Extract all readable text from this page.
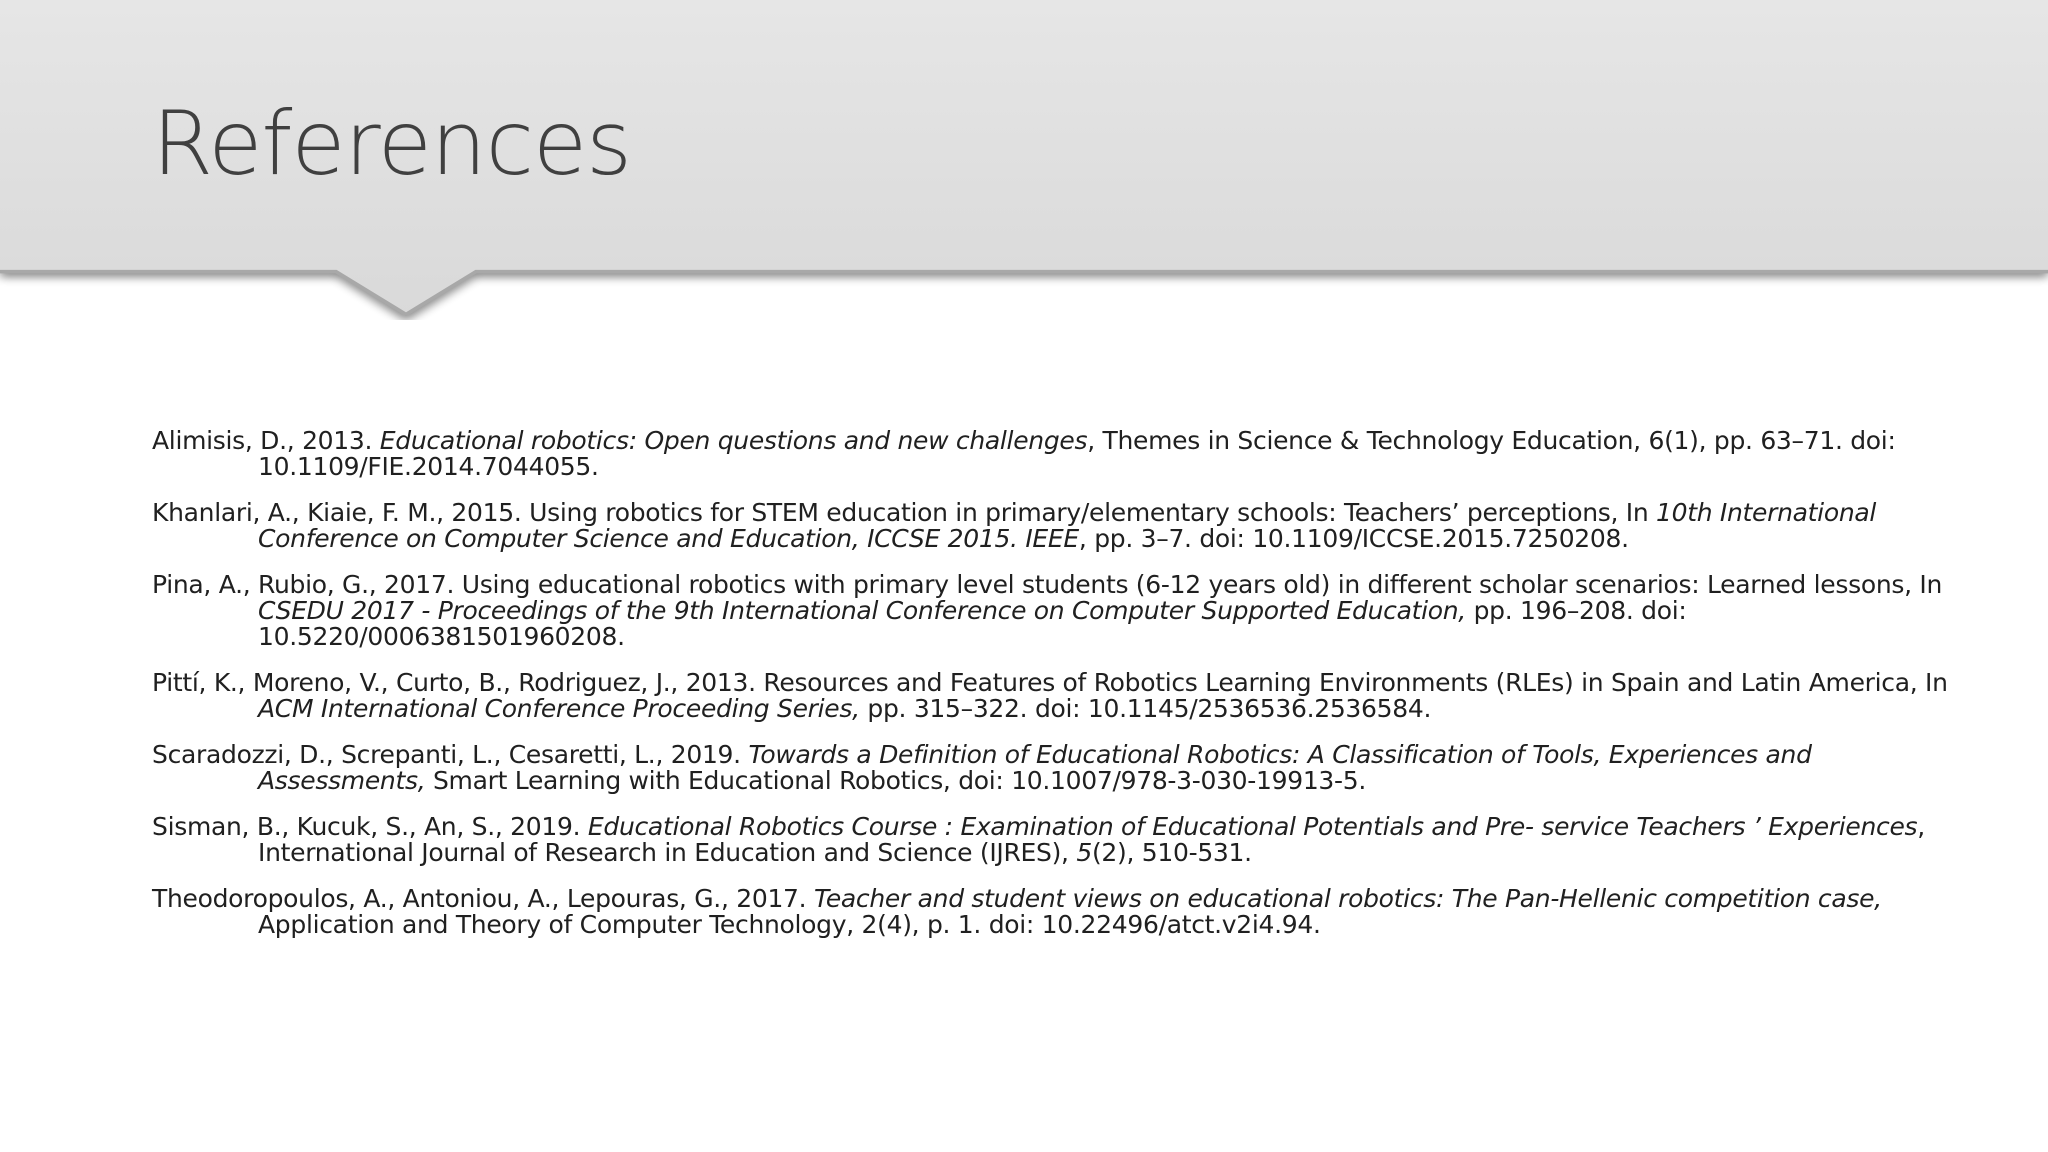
References
Alimisis, D., 2013. Educational robotics: Open questions and new challenges, Themes in Science & Technology Education, 6(1), pp. 63–71. doi: 10.1109/FIE.2014.7044055.
Khanlari, A., Kiaie, F. M., 2015. Using robotics for STEM education in primary/elementary schools: Teachers’ perceptions, In 10th International Conference on Computer Science and Education, ICCSE 2015. IEEE, pp. 3–7. doi: 10.1109/ICCSE.2015.7250208.
Pina, A., Rubio, G., 2017. Using educational robotics with primary level students (6-12 years old) in different scholar scenarios: Learned lessons, In CSEDU 2017 - Proceedings of the 9th International Conference on Computer Supported Education, pp. 196–208. doi: 10.5220/0006381501960208.
Pittí, K., Moreno, V., Curto, B., Rodriguez, J., 2013. Resources and Features of Robotics Learning Environments (RLEs) in Spain and Latin America, In ACM International Conference Proceeding Series, pp. 315–322. doi: 10.1145/2536536.2536584.
Scaradozzi, D., Screpanti, L., Cesaretti, L., 2019. Towards a Definition of Educational Robotics: A Classification of Tools, Experiences and Assessments, Smart Learning with Educational Robotics, doi: 10.1007/978-3-030-19913-5.
Sisman, B., Kucuk, S., An, S., 2019. Educational Robotics Course : Examination of Educational Potentials and Pre- service Teachers ’ Experiences, International Journal of Research in Education and Science (IJRES), 5(2), 510-531.
Theodoropoulos, A., Antoniou, A., Lepouras, G., 2017. Teacher and student views on educational robotics: The Pan-Hellenic competition case, Application and Theory of Computer Technology, 2(4), p. 1. doi: 10.22496/atct.v2i4.94.
